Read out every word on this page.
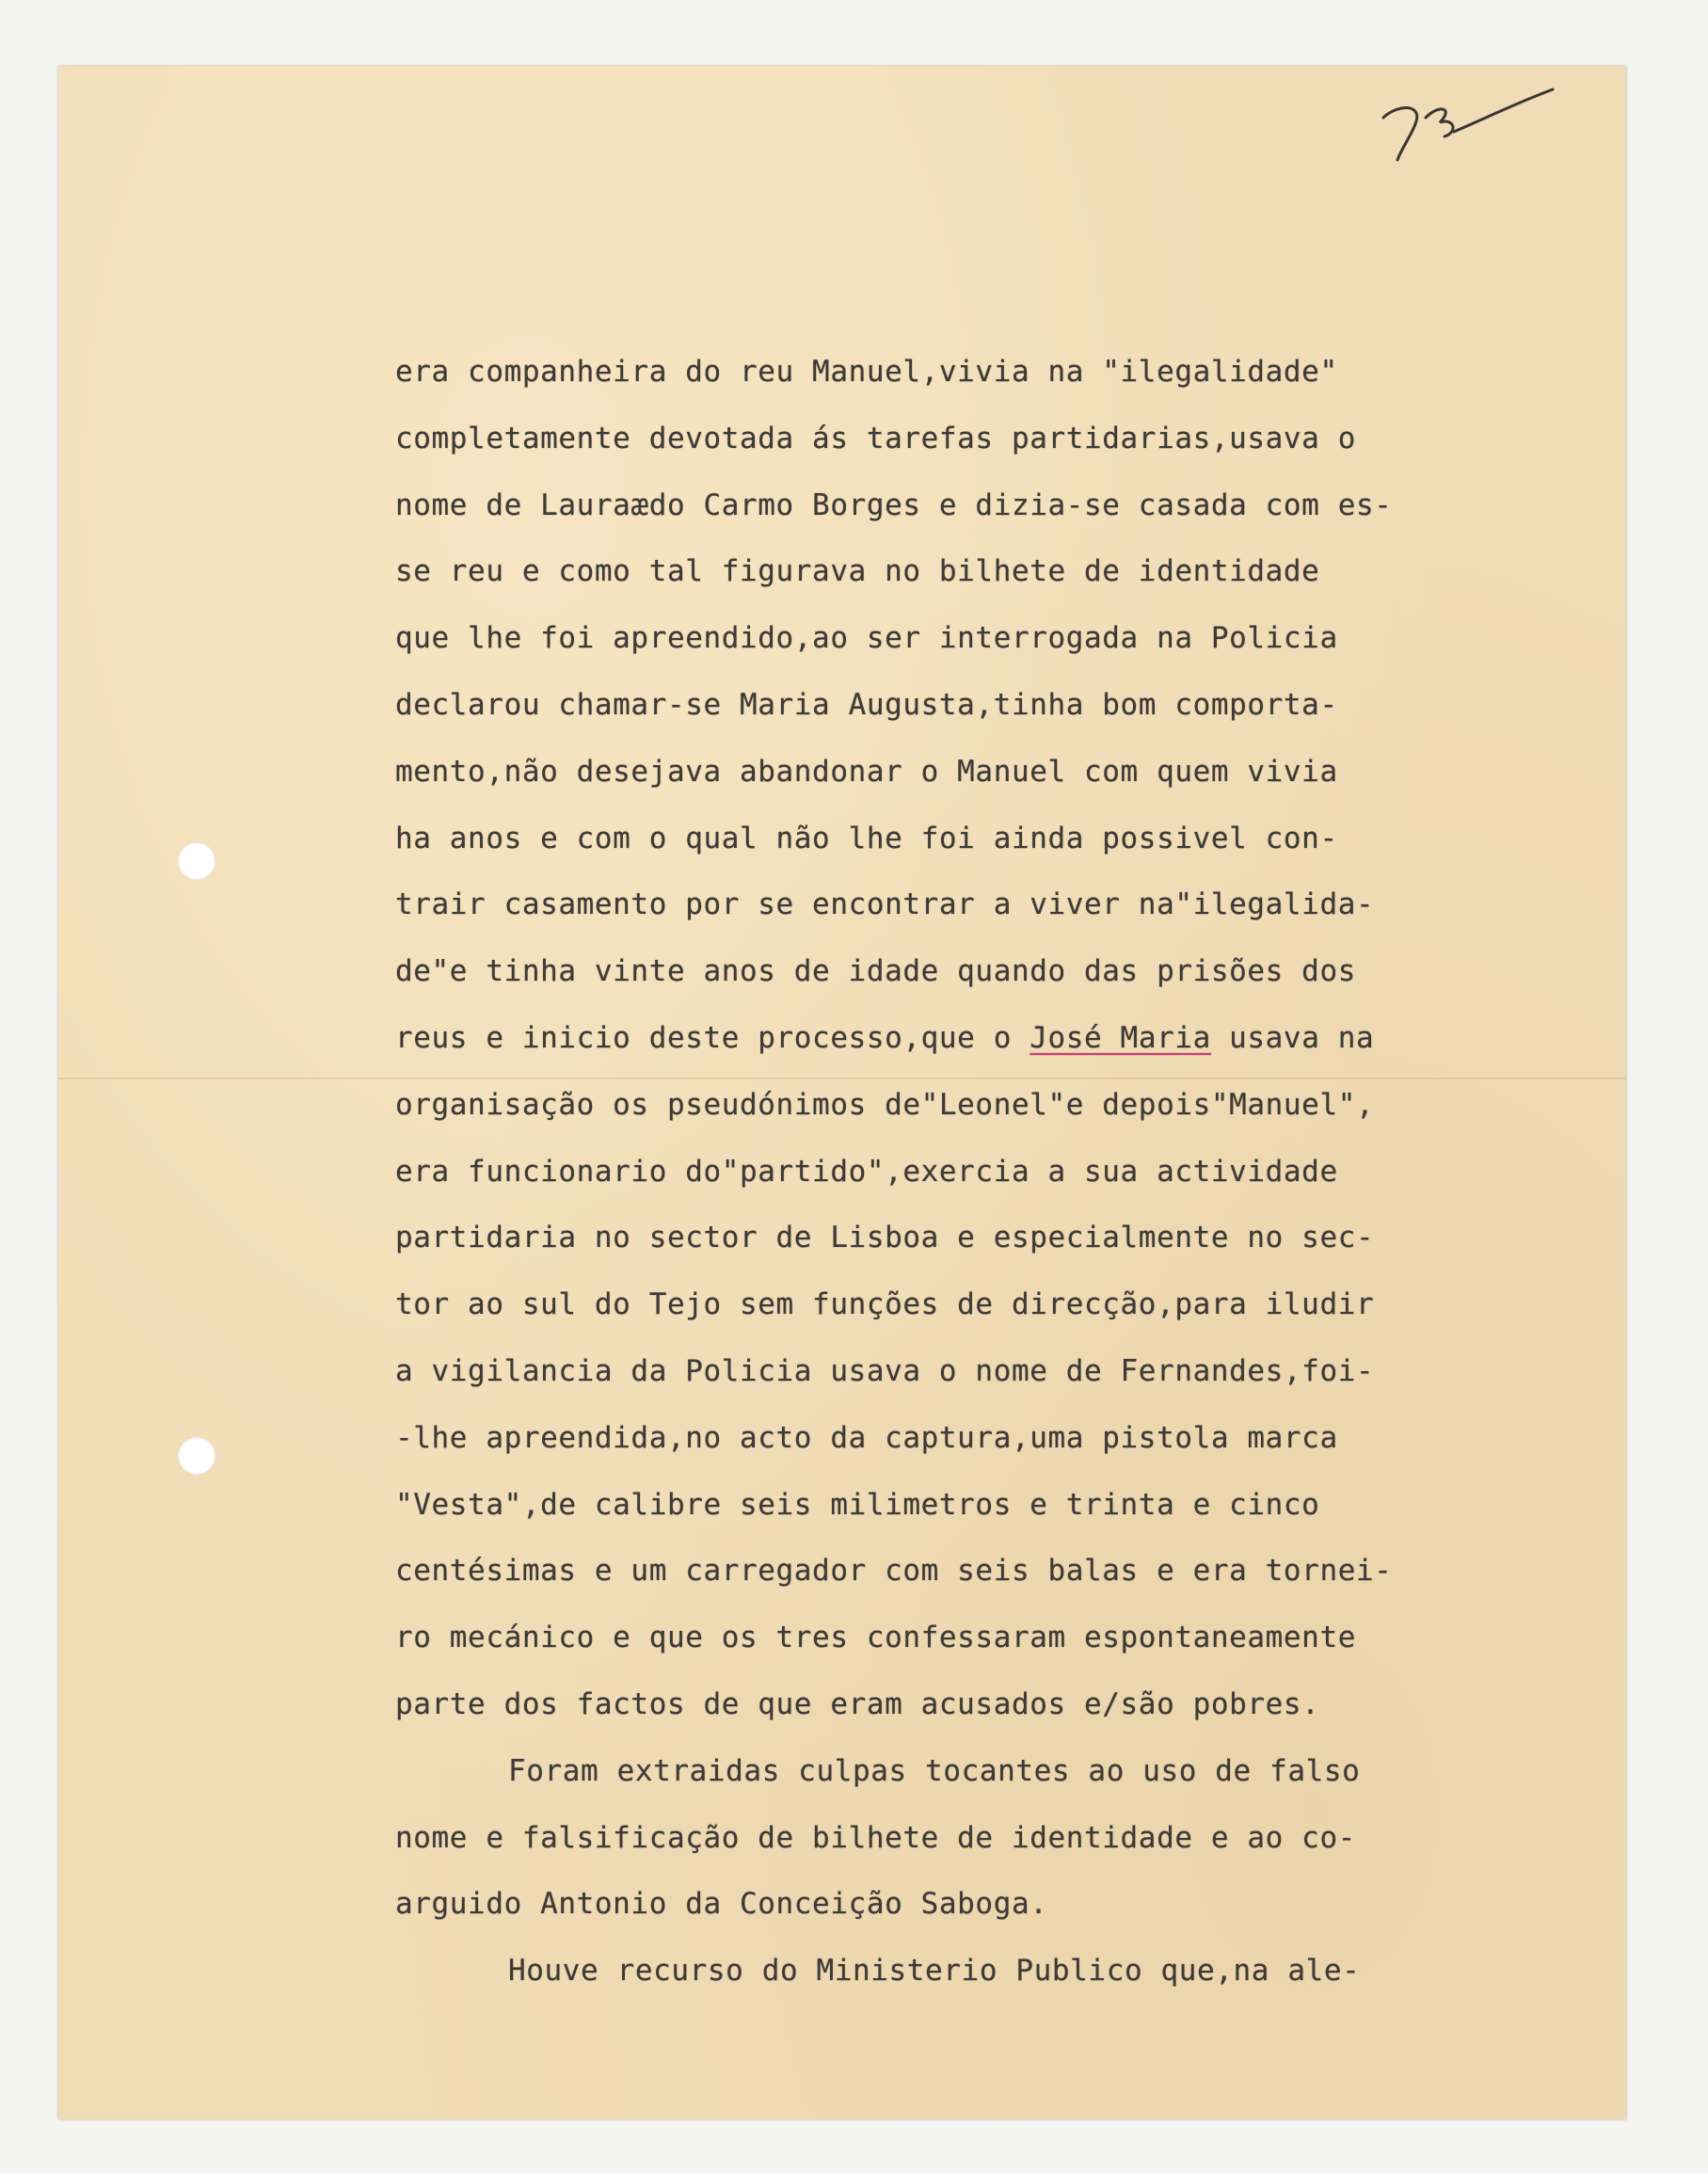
era companheira do reu Manuel,vivia na "ilegalidade"
completamente devotada ás tarefas partidarias,usava o
nome de Lauraædo Carmo Borges e dizia-se casada com es-
se reu e como tal figurava no bilhete de identidade
que lhe foi apreendido,ao ser interrogada na Policia
declarou chamar-se Maria Augusta,tinha bom comporta-
mento,não desejava abandonar o Manuel com quem vivia
ha anos e com o qual não lhe foi ainda possivel con-
trair casamento por se encontrar a viver na"ilegalida-
de"e tinha vinte anos de idade quando das prisões dos
reus e inicio deste processo,que o José Maria usava na
organisação os pseudónimos de"Leonel"e depois"Manuel",
era funcionario do"partido",exercia a sua actividade
partidaria no sector de Lisboa e especialmente no sec-
tor ao sul do Tejo sem funções de direcção,para iludir
a vigilancia da Policia usava o nome de Fernandes,foi-
-lhe apreendida,no acto da captura,uma pistola marca
"Vesta",de calibre seis milimetros e trinta e cinco
centésimas e um carregador com seis balas e era tornei-
ro mecánico e que os tres confessaram espontaneamente
parte dos factos de que eram acusados e/são pobres.
Foram extraidas culpas tocantes ao uso de falso
nome e falsificação de bilhete de identidade e ao co-
arguido Antonio da Conceição Saboga.
Houve recurso do Ministerio Publico que,na ale-
